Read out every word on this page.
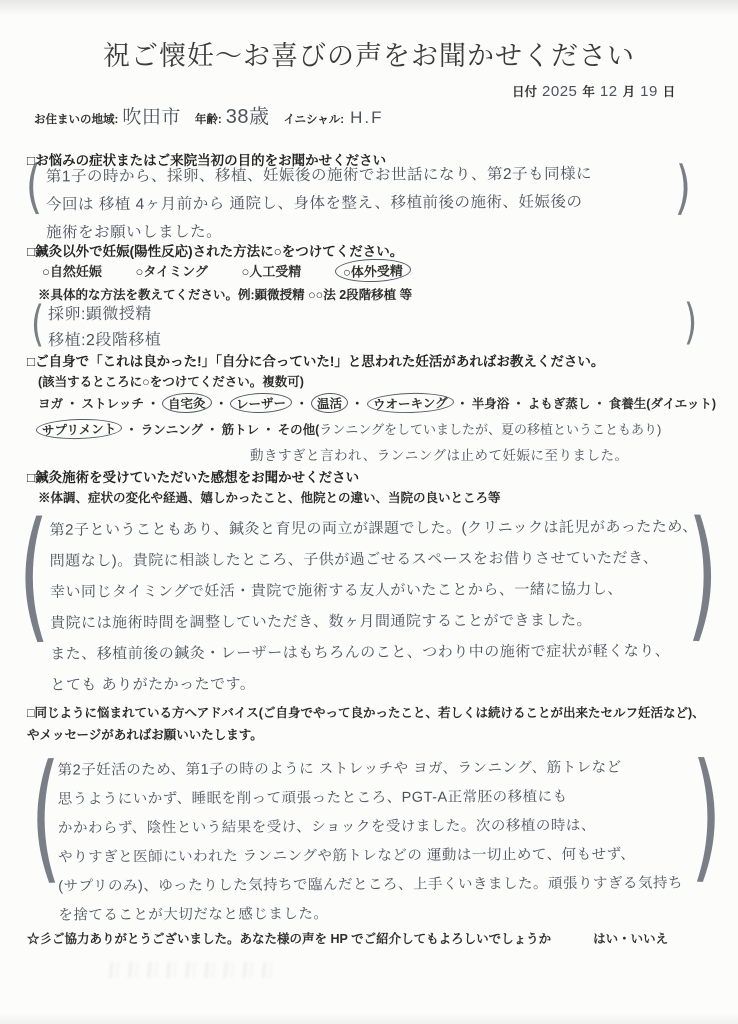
祝ご懐妊～お喜びの声をお聞かせください
日付 2025 年 12 月 19 日
お住まいの地域: 吹田市 年齢: 38歳 イニシャル: H.F
□お悩みの症状またはご来院当初の目的をお聞かせください
(	)
第1子の時から、採卵、移植、妊娠後の施術でお世話になり、第2子も同様に
今回は 移植 4ヶ月前から 通院し、身体を整え、移植前後の施術、妊娠後の
施術をお願いしました。
□鍼灸以外で妊娠(陽性反応)された方法に○をつけてください。
○自然妊娠	○タイミング	○人工受精	○体外受精
※具体的な方法を教えてください。例:顕微授精 ○○法 2段階移植 等
(	)
採卵:顕微授精
移植:2段階移植
□ご自身で「これは良かった!」「自分に合っていた!」と思われた妊活があればお教えください。
(該当するところに○をつけてください。複数可)
ヨガ ・ ストレッチ ・ 自宅灸 ・ レーザー ・ 温活 ・ ウオーキング ・ 半身浴 ・ よもぎ蒸し ・ 食養生(ダイエット)
サプリメント ・ ランニング ・ 筋トレ ・ その他(ランニングをしていましたが、夏の移植ということもあり)
動きすぎと言われ、ランニングは止めて妊娠に至りました。
□鍼灸施術を受けていただいた感想をお聞かせください
※体調、症状の変化や経過、嬉しかったこと、他院との違い、当院の良いところ等
(	)
第2子ということもあり、鍼灸と育児の両立が課題でした。(クリニックは託児があったため、
問題なし)。貴院に相談したところ、子供が過ごせるスペースをお借りさせていただき、
幸い同じタイミングで妊活・貴院で施術する友人がいたことから、一緒に協力し、
貴院には施術時間を調整していただき、数ヶ月間通院することができました。
また、移植前後の鍼灸・レーザーはもちろんのこと、つわり中の施術で症状が軽くなり、
とても ありがたかったです。
□同じように悩まれている方へアドバイス(ご自身でやって良かったこと、若しくは続けることが出来たセルフ妊活など)、
やメッセージがあればお願いいたします。
(	)
第2子妊活のため、第1子の時のように ストレッチや ヨガ、ランニング、筋トレなど
思うようにいかず、睡眠を削って頑張ったところ、PGT-A正常胚の移植にも
かかわらず、陰性という結果を受け、ショックを受けました。次の移植の時は、
やりすぎと医師にいわれた ランニングや筋トレなどの 運動は一切止めて、何もせず、
(サプリのみ)、ゆったりした気持ちで臨んだところ、上手くいきました。頑張りすぎる気持ち
を捨てることが大切だなと感じました。
☆彡ご協力ありがとうございました。あなた様の声を HP でご紹介してもよろしいでしょうか	はい・いいえ
